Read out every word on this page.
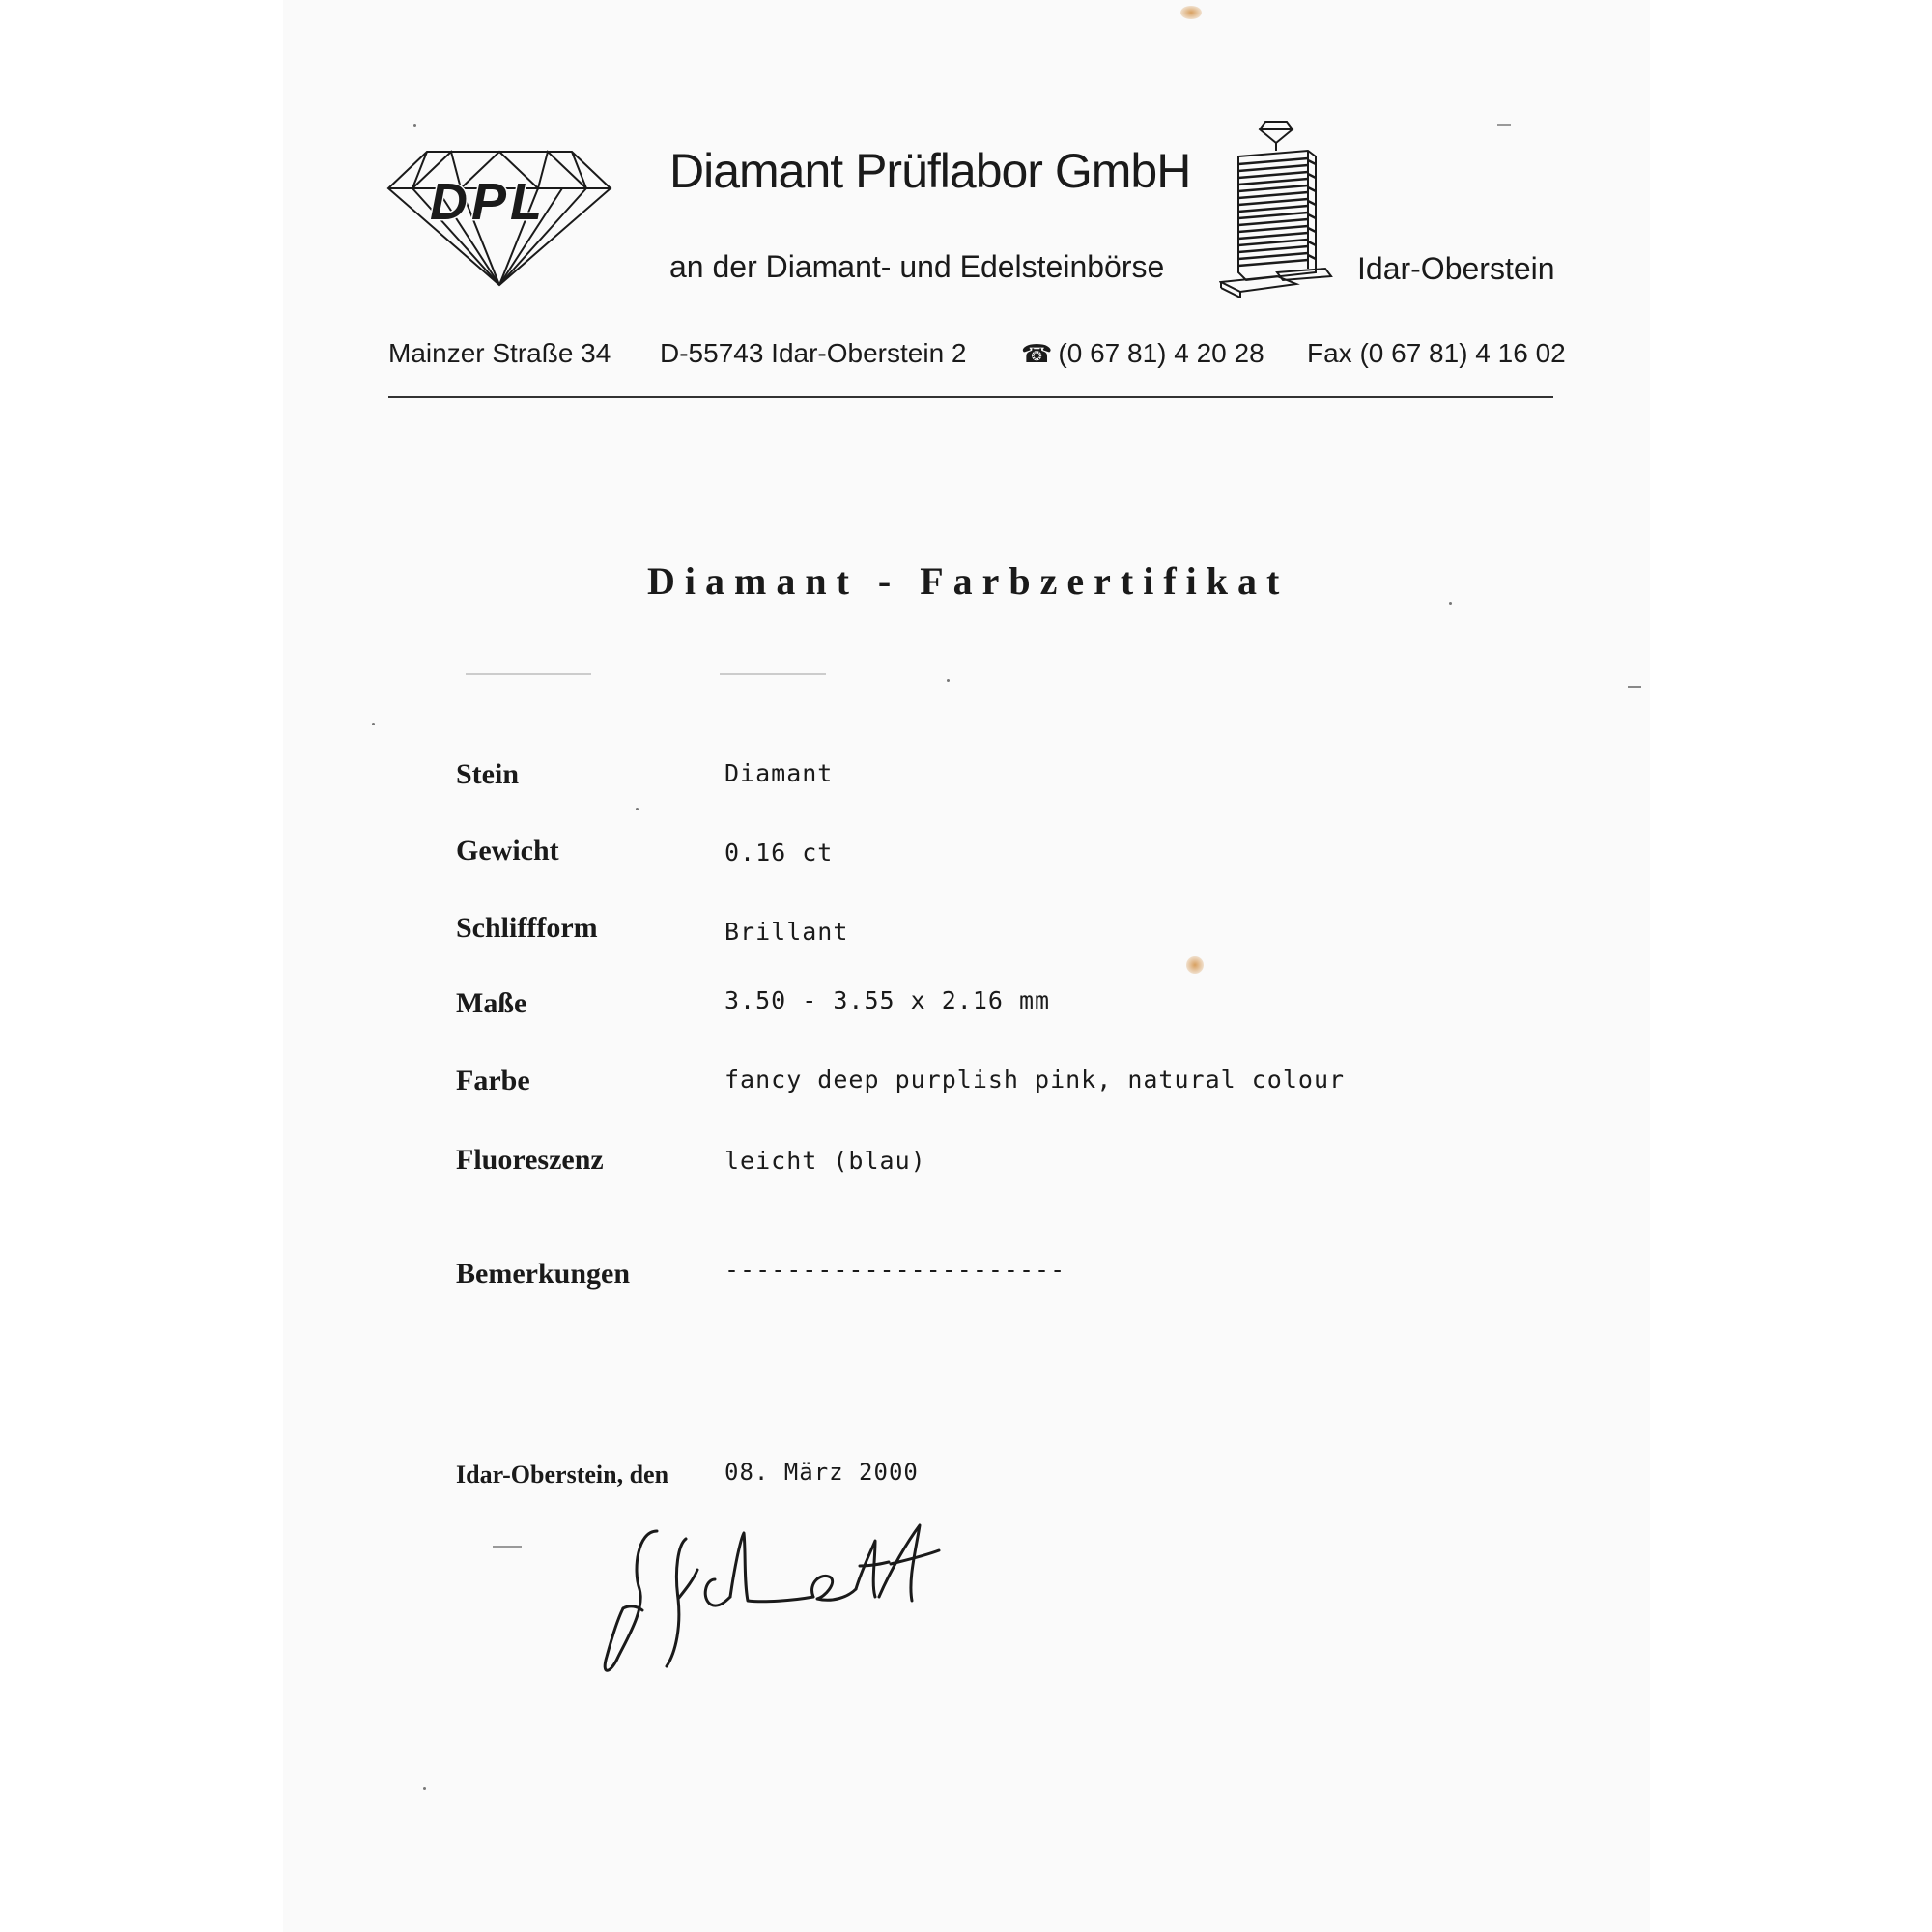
DPL
Diamant Prüflabor GmbH
an der Diamant- und Edelsteinbörse	Idar-Oberstein
Mainzer Straße 34 D-55743 Idar-Oberstein 2 ☎ (0 67 81) 4 20 28 Fax (0 67 81) 4 16 02
Diamant - Farbzertifikat
Stein	Diamant
Gewicht	0.16 ct
Schliffform	Brillant
Maße	3.50 - 3.55 x 2.16 mm
Farbe	fancy deep purplish pink, natural colour
Fluoreszenz	leicht (blau)
Bemerkungen	----------------------
Idar-Oberstein, den 08. März 2000
